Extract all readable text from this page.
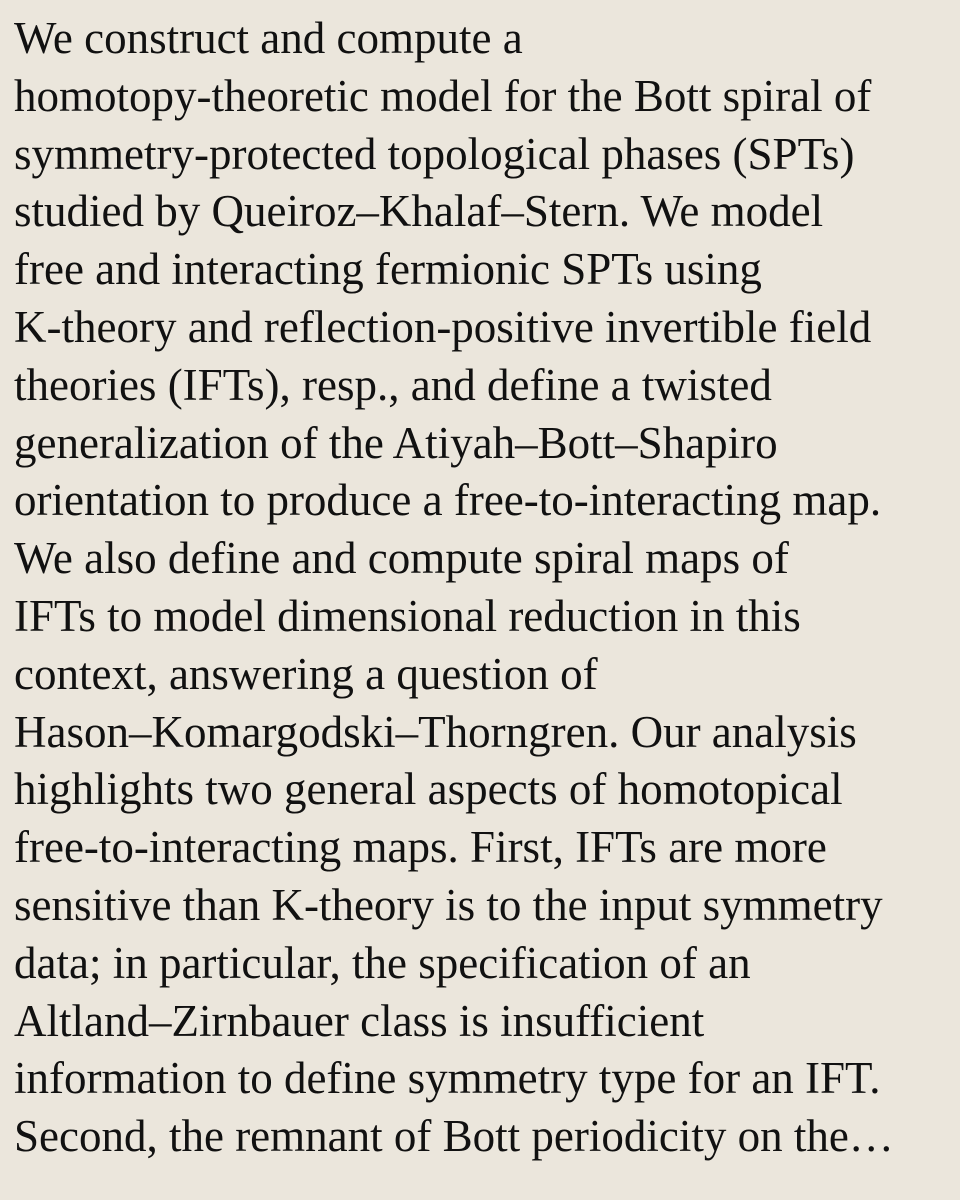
We construct and compute a
homotopy-theoretic model for the Bott spiral of
symmetry-protected topological phases (SPTs)
studied by Queiroz–Khalaf–Stern. We model
free and interacting fermionic SPTs using
K-theory and reflection-positive invertible field
theories (IFTs), resp., and define a twisted
generalization of the Atiyah–Bott–Shapiro
orientation to produce a free-to-interacting map.
We also define and compute spiral maps of
IFTs to model dimensional reduction in this
context, answering a question of
Hason–Komargodski–Thorngren. Our analysis
highlights two general aspects of homotopical
free-to-interacting maps. First, IFTs are more
sensitive than K-theory is to the input symmetry
data; in particular, the specification of an
Altland–Zirnbauer class is insufficient
information to define symmetry type for an IFT.
Second, the remnant of Bott periodicity on the…
